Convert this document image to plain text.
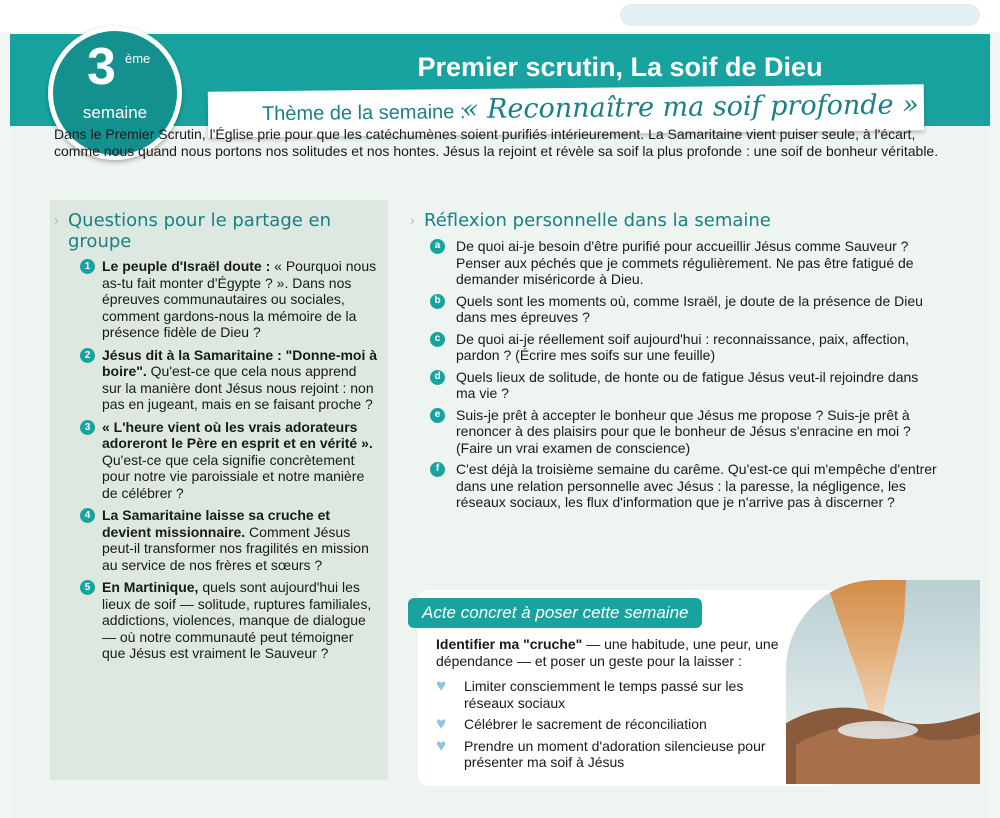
Premier scrutin, La soif de Dieu
Thème de la semaine :
« Reconnaître ma soif profonde »
3 ème
semaine
Dans le Premier Scrutin, l'Église prie pour que les catéchumènes soient purifiés intérieurement. La Samaritaine vient puiser seule, à l'écart, comme nous quand nous portons nos solitudes et nos hontes. Jésus la rejoint et révèle sa soif la plus profonde : une soif de bonheur véritable.
› Questions pour le partage en groupe
1 Le peuple d'Israël doute : « Pourquoi nous as-tu fait monter d'Égypte ? ». Dans nos épreuves communautaires ou sociales, comment gardons-nous la mémoire de la présence fidèle de Dieu ?
2 Jésus dit à la Samaritaine : "Donne-moi à boire". Qu'est-ce que cela nous apprend sur la manière dont Jésus nous rejoint : non pas en jugeant, mais en se faisant proche ?
3 « L'heure vient où les vrais adorateurs adoreront le Père en esprit et en vérité ». Qu'est-ce que cela signifie concrètement pour notre vie paroissiale et notre manière de célébrer ?
4 La Samaritaine laisse sa cruche et devient missionnaire. Comment Jésus peut-il transformer nos fragilités en mission au service de nos frères et sœurs ?
5 En Martinique, quels sont aujourd'hui les lieux de soif — solitude, ruptures familiales, addictions, violences, manque de dialogue — où notre communauté peut témoigner que Jésus est vraiment le Sauveur ?
› Réflexion personnelle dans la semaine
a	De quoi ai-je besoin d'être purifié pour accueillir Jésus comme Sauveur ? Penser aux péchés que je commets régulièrement. Ne pas être fatigué de demander miséricorde à Dieu.
b	Quels sont les moments où, comme Israël, je doute de la présence de Dieu dans mes épreuves ?
c	De quoi ai-je réellement soif aujourd'hui : reconnaissance, paix, affection, pardon ? (Écrire mes soifs sur une feuille)
d	Quels lieux de solitude, de honte ou de fatigue Jésus veut-il rejoindre dans ma vie ?
e	Suis-je prêt à accepter le bonheur que Jésus me propose ? Suis-je prêt à renoncer à des plaisirs pour que le bonheur de Jésus s'enracine en moi ? (Faire un vrai examen de conscience)
f	C'est déjà la troisième semaine du carême. Qu'est-ce qui m'empêche d'entrer dans une relation personnelle avec Jésus : la paresse, la négligence, les réseaux sociaux, les flux d'information que je n'arrive pas à discerner ?
Acte concret à poser cette semaine
Identifier ma "cruche" — une habitude, une peur, une dépendance — et poser un geste pour la laisser :
♥ Limiter consciemment le temps passé sur les réseaux sociaux
♥ Célébrer le sacrement de réconciliation
♥ Prendre un moment d'adoration silencieuse pour présenter ma soif à Jésus
